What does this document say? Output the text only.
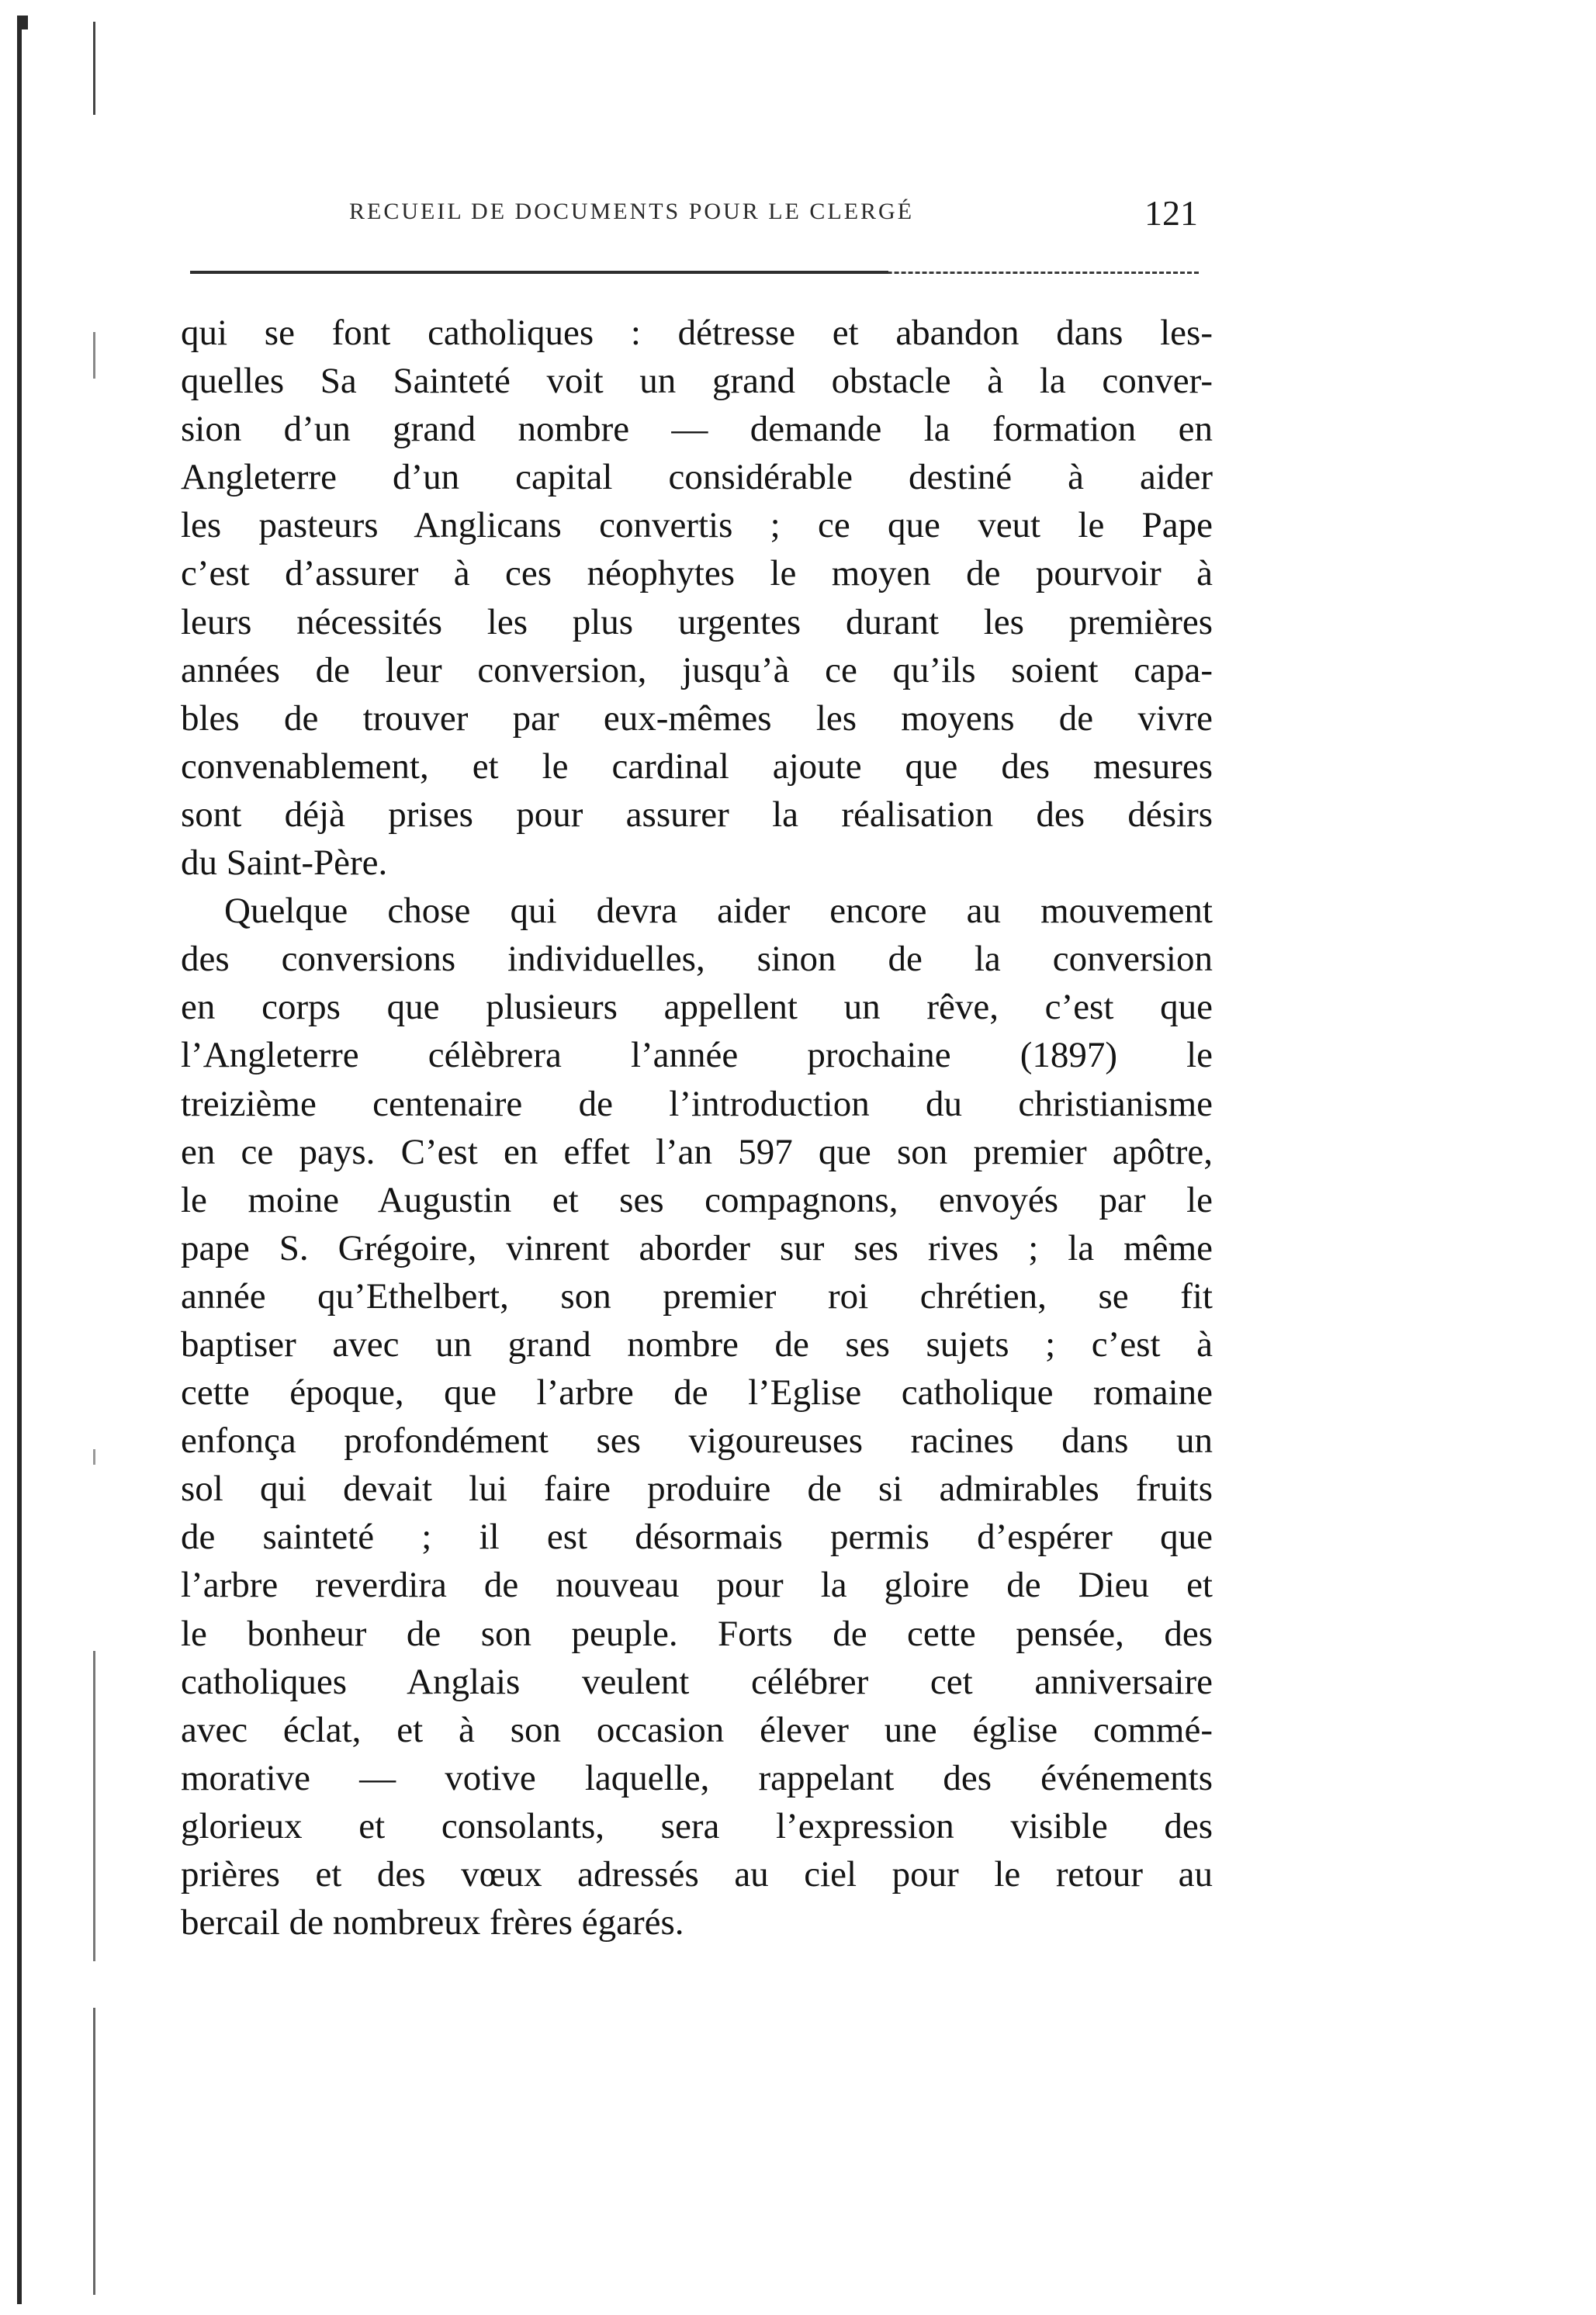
RECUEIL DE DOCUMENTS POUR LE CLERGÉ	121
qui se font catholiques : détresse et abandon dans les-
quelles Sa Sainteté voit un grand obstacle à la conver-
sion d’un grand nombre — demande la formation en
Angleterre d’un capital considérable destiné à aider
les pasteurs Anglicans convertis ; ce que veut le Pape
c’est d’assurer à ces néophytes le moyen de pourvoir à
leurs nécessités les plus urgentes durant les premières
années de leur conversion, jusqu’à ce qu’ils soient capa-
bles de trouver par eux-mêmes les moyens de vivre
convenablement, et le cardinal ajoute que des mesures
sont déjà prises pour assurer la réalisation des désirs
du Saint-Père.
Quelque chose qui devra aider encore au mouvement
des conversions individuelles, sinon de la conversion
en corps que plusieurs appellent un rêve, c’est que
l’Angleterre célèbrera l’année prochaine (1897) le
treizième centenaire de l’introduction du christianisme
en ce pays. C’est en effet l’an 597 que son premier apôtre,
le moine Augustin et ses compagnons, envoyés par le
pape S. Grégoire, vinrent aborder sur ses rives ; la même
année qu’Ethelbert, son premier roi chrétien, se fit
baptiser avec un grand nombre de ses sujets ; c’est à
cette époque, que l’arbre de l’Eglise catholique romaine
enfonça profondément ses vigoureuses racines dans un
sol qui devait lui faire produire de si admirables fruits
de sainteté ; il est désormais permis d’espérer que
l’arbre reverdira de nouveau pour la gloire de Dieu et
le bonheur de son peuple. Forts de cette pensée, des
catholiques Anglais veulent célébrer cet anniversaire
avec éclat, et à son occasion élever une église commé-
morative — votive laquelle, rappelant des événements
glorieux et consolants, sera l’expression visible des
prières et des vœux adressés au ciel pour le retour au
bercail de nombreux frères égarés.
